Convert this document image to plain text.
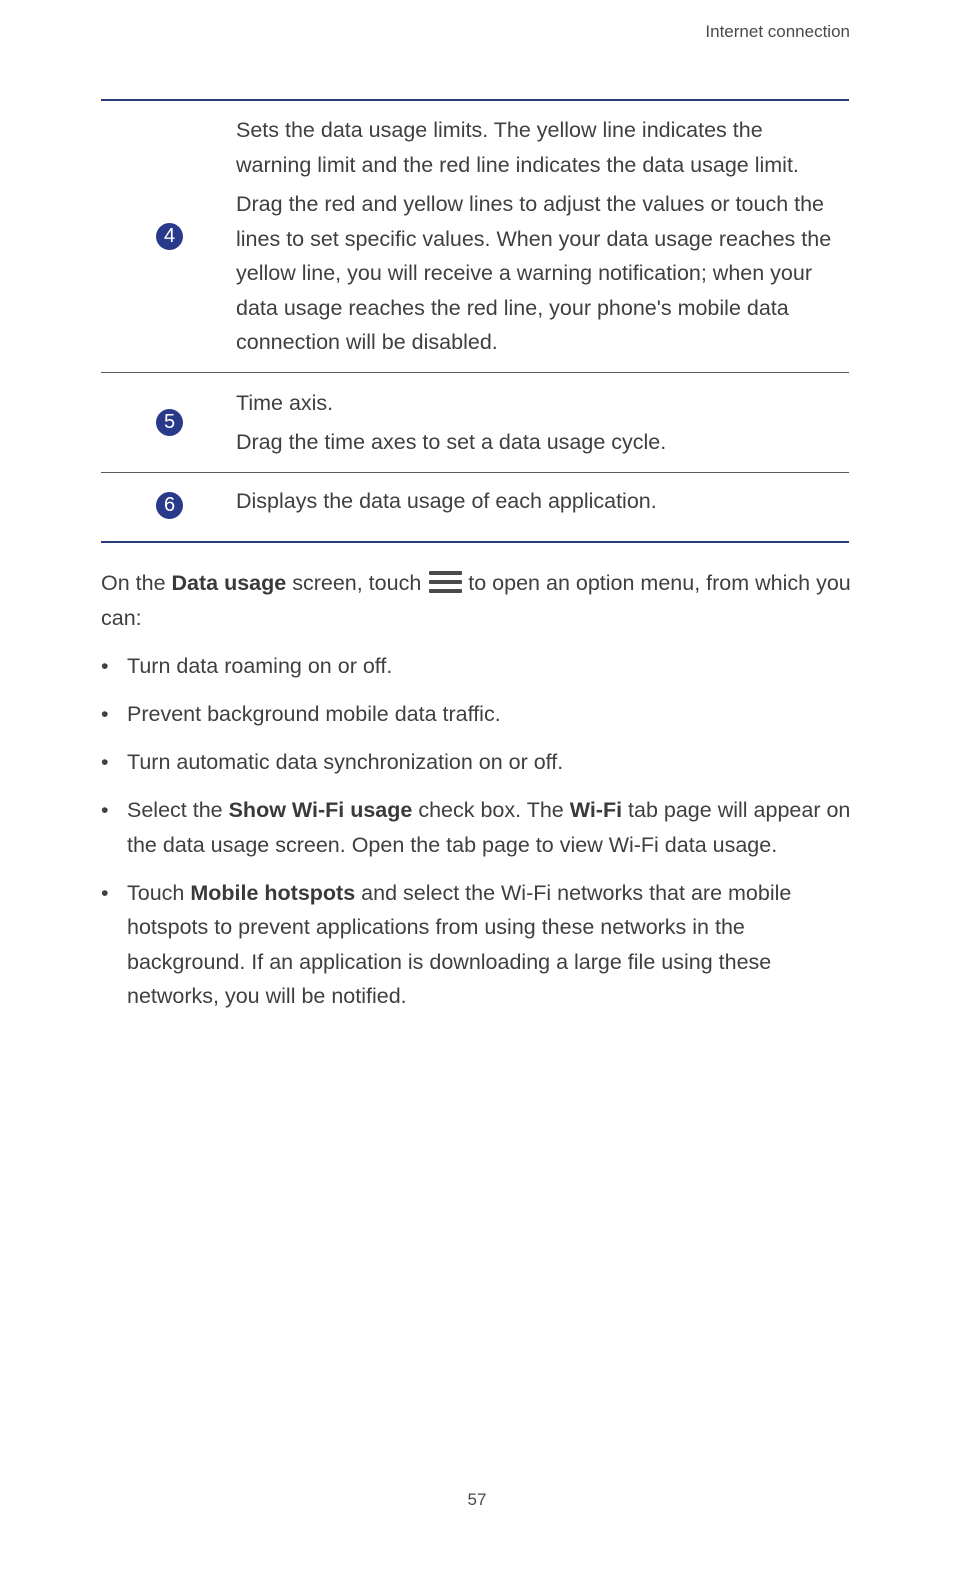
Internet connection
4

Sets the data usage limits. The yellow line indicates the warning limit and the red line indicates the data usage limit.

Drag the red and yellow lines to adjust the values or touch the lines to set specific values. When your data usage reaches the yellow line, you will receive a warning notification; when your data usage reaches the red line, your phone's mobile data connection will be disabled.

5

Time axis.

Drag the time axes to set a data usage cycle.

6	Displays the data usage of each application.

On the Data usage screen, touch to open an option menu, from which you can:

• Turn data roaming on or off.
• Prevent background mobile data traffic.
• Turn automatic data synchronization on or off.
• Select the Show Wi-Fi usage check box. The Wi-Fi tab page will appear on the data usage screen. Open the tab page to view Wi-Fi data usage.
• Touch Mobile hotspots and select the Wi-Fi networks that are mobile hotspots to prevent applications from using these networks in the background. If an application is downloading a large file using these networks, you will be notified.
57
